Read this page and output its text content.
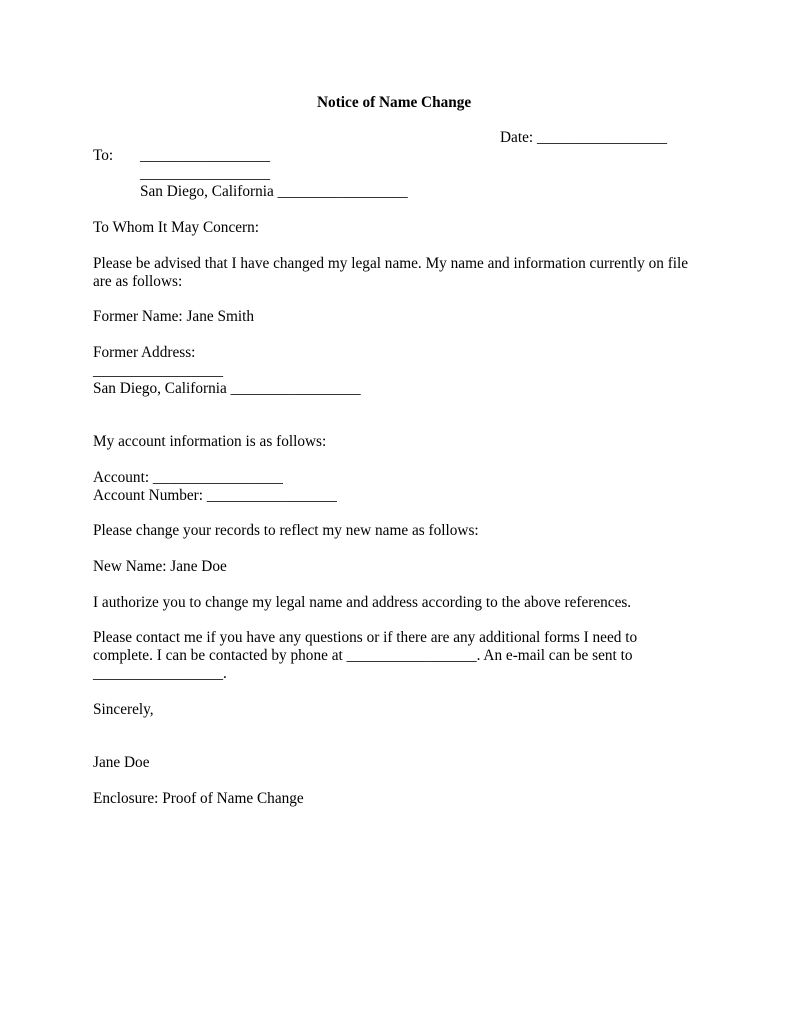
Notice of Name Change
Date: _________________
To: _________________
_________________
San Diego, California _________________
To Whom It May Concern:
Please be advised that I have changed my legal name. My name and information currently on file
are as follows:
Former Name: Jane Smith
Former Address:
_________________
San Diego, California _________________
My account information is as follows:
Account: _________________
Account Number: _________________
Please change your records to reflect my new name as follows:
New Name: Jane Doe
I authorize you to change my legal name and address according to the above references.
Please contact me if you have any questions or if there are any additional forms I need to
complete. I can be contacted by phone at _________________. An e-mail can be sent to
_________________.
Sincerely,
Jane Doe
Enclosure: Proof of Name Change
